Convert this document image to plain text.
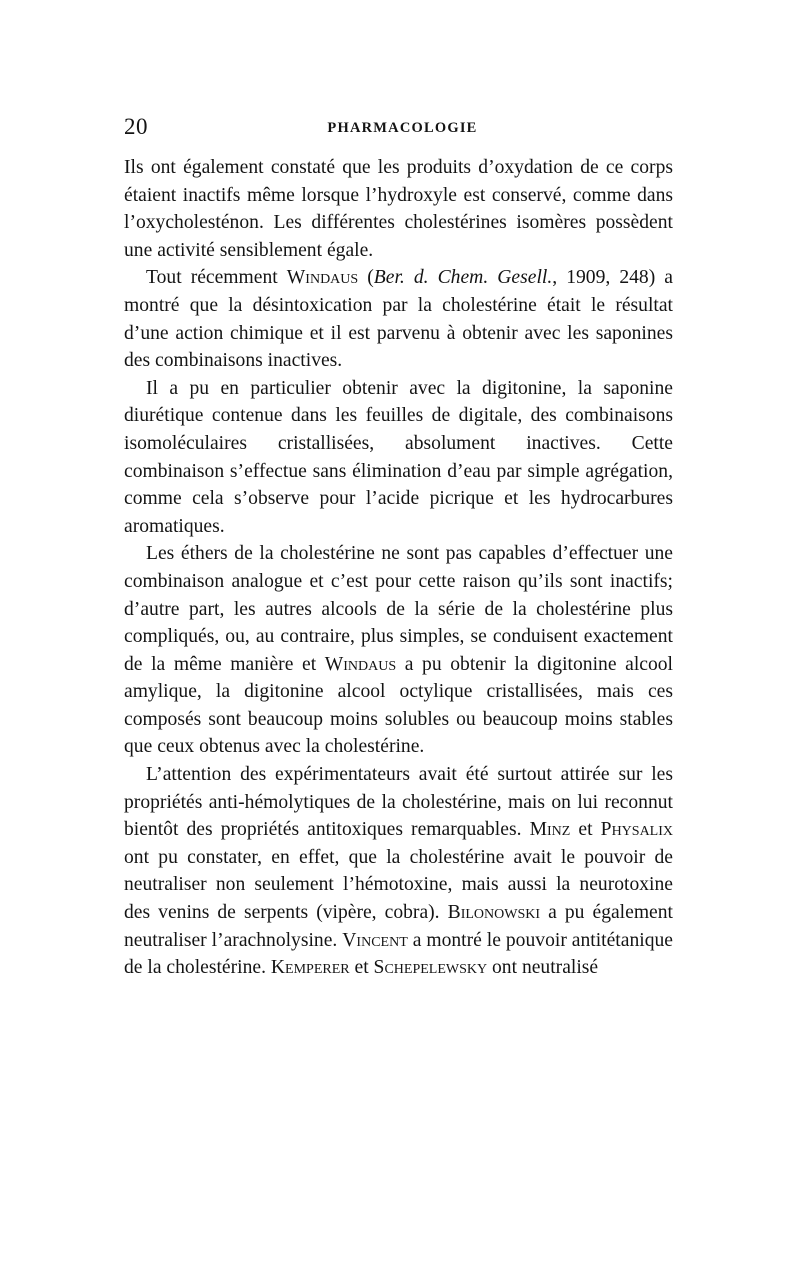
20	PHARMACOLOGIE

Ils ont également constaté que les produits d’oxydation de ce corps étaient inactifs même lorsque l’hydroxyle est conservé, comme dans l’oxycholesténon. Les différentes cholestérines isomères possèdent une activité sensiblement égale.

Tout récemment Windaus (Ber. d. Chem. Gesell., 1909, 248) a montré que la désintoxication par la cholestérine était le résultat d’une action chimique et il est parvenu à obtenir avec les saponines des combinaisons inactives.

Il a pu en particulier obtenir avec la digitonine, la saponine diurétique contenue dans les feuilles de digitale, des combinaisons isomoléculaires cristallisées, absolument inactives. Cette combinaison s’effectue sans élimination d’eau par simple agrégation, comme cela s’observe pour l’acide picrique et les hydrocarbures aromatiques.

Les éthers de la cholestérine ne sont pas capables d’effectuer une combinaison analogue et c’est pour cette raison qu’ils sont inactifs; d’autre part, les autres alcools de la série de la cholestérine plus compliqués, ou, au contraire, plus simples, se conduisent exactement de la même manière et Windaus a pu obtenir la digitonine alcool amylique, la digitonine alcool octylique cristallisées, mais ces composés sont beaucoup moins solubles ou beaucoup moins stables que ceux obtenus avec la cholestérine.

L’attention des expérimentateurs avait été surtout attirée sur les propriétés anti-hémolytiques de la cholestérine, mais on lui reconnut bientôt des propriétés antitoxiques remarquables. Minz et Physalix ont pu constater, en effet, que la cholestérine avait le pouvoir de neutraliser non seulement l’hémotoxine, mais aussi la neurotoxine des venins de serpents (vipère, cobra). Bilonowski a pu également neutraliser l’arachnolysine. Vincent a montré le pouvoir antitétanique de la cholestérine. Kemperer et Schepelewsky ont neutralisé
